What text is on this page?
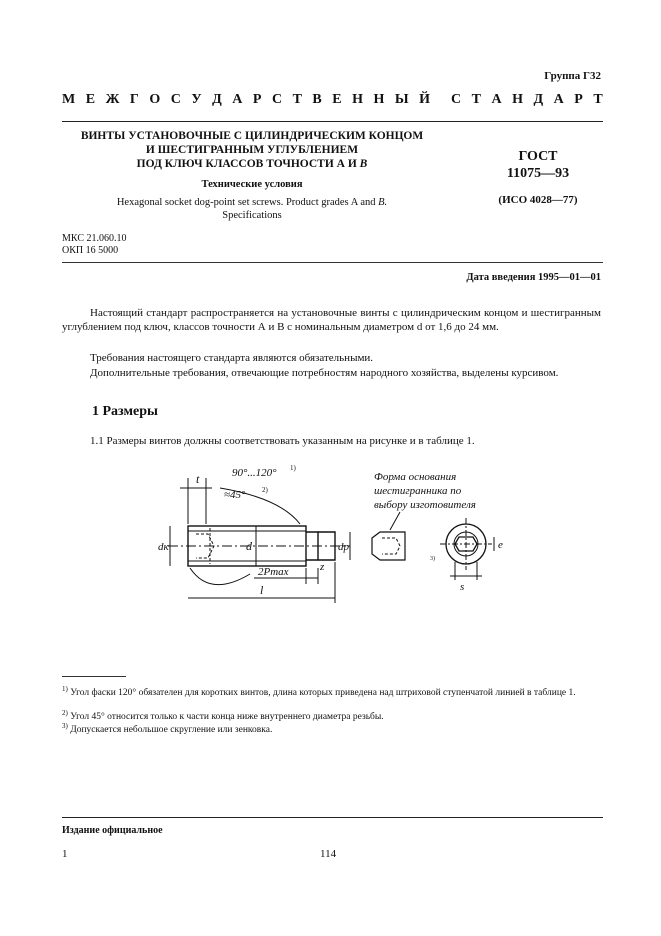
Группа Г32
М Е Ж Г О С У Д А Р С Т В Е Н Н Ы Й С Т А Н Д А Р Т
ВИНТЫ УСТАНОВОЧНЫЕ С ЦИЛИНДРИЧЕСКИМ КОНЦОМ
И ШЕСТИГРАННЫМ УГЛУБЛЕНИЕМ
ПОД КЛЮЧ КЛАССОВ ТОЧНОСТИ А И В
Технические условия
Hexagonal socket dog-point set screws. Product grades A and B.
Specifications
ГОСТ
11075—93
(ИСО 4028—77)
МКС 21.060.10
ОКП 16 5000
Дата введения 1995—01—01
Настоящий стандарт распространяется на установочные винты с цилиндрическим концом и шестигранным углублением под ключ, классов точности А и В с номинальным диаметром d от 1,6 до 24 мм.
Требования настоящего стандарта являются обязательными.
Дополнительные требования, отвечающие потребностям народного хозяйства, выделены курсивом.
1 Размеры
1.1 Размеры винтов должны соответствовать указанным на рисунке и в таблице 1.
t
dк	d	dp
90°...120° 1)
≈45° 2)
z
2Pmax
l	s
e
3)
Форма основания
шестигранника по
выбору изготовителя
$^{1)}$ Угол фаски 120° обязателен для коротких винтов, длина которых приведена над штриховой ступенчатой линией в таблице 1.
$^{2)}$ Угол 45° относится только к части конца ниже внутреннего диаметра резьбы.
$^{3)}$ Допускается небольшое скругление или зенковка.
Издание официальное
1	114
